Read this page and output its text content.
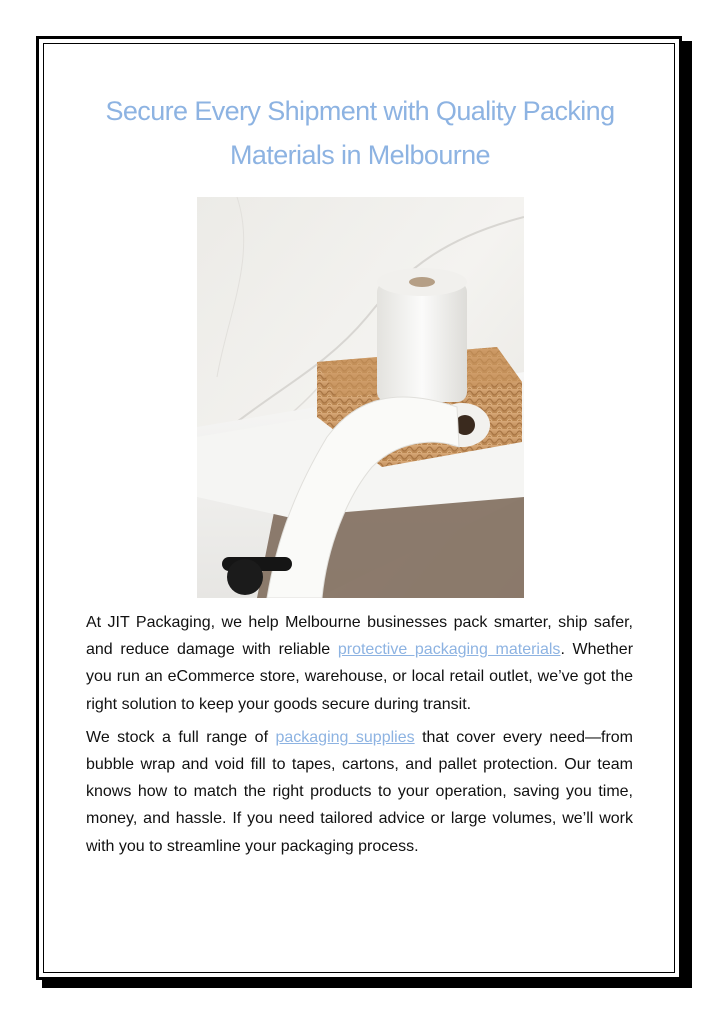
Secure Every Shipment with Quality Packing Materials in Melbourne

At JIT Packaging, we help Melbourne businesses pack smarter, ship safer, and reduce damage with reliable protective packaging materials. Whether you run an eCommerce store, warehouse, or local retail outlet, we’ve got the right solution to keep your goods secure during transit.

We stock a full range of packaging supplies that cover every need—from bubble wrap and void fill to tapes, cartons, and pallet protection. Our team knows how to match the right products to your operation, saving you time, money, and hassle. If you need tailored advice or large volumes, we’ll work with you to streamline your packaging process.
